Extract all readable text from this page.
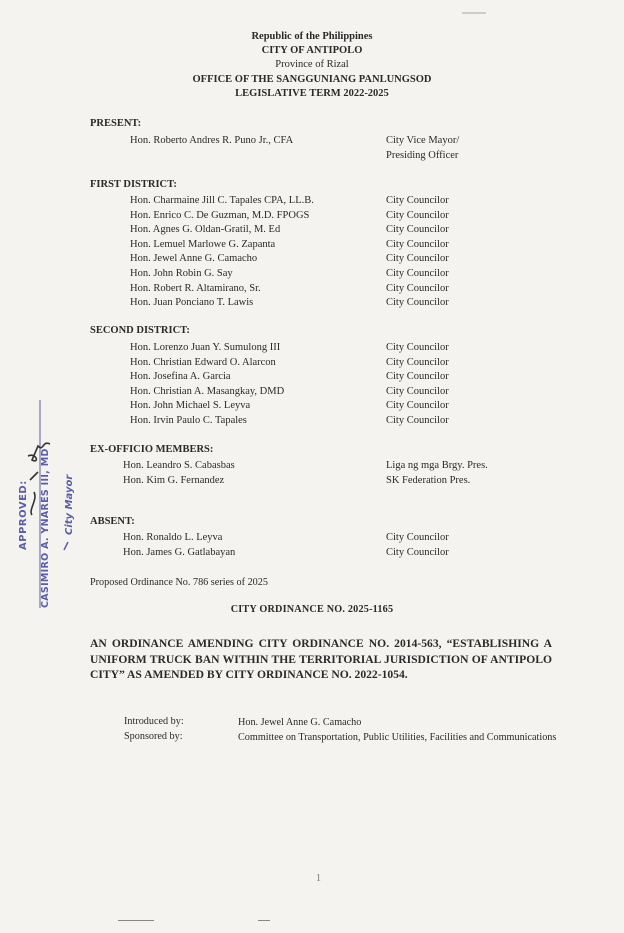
Republic of the Philippines
CITY OF ANTIPOLO
Province of Rizal
OFFICE OF THE SANGGUNIANG PANLUNGSOD
LEGISLATIVE TERM 2022-2025
PRESENT:
Hon. Roberto Andres R. Puno Jr., CFA	City Vice Mayor/
Presiding Officer
FIRST DISTRICT:
Hon. Charmaine Jill C. Tapales CPA, LL.B.	City Councilor
Hon. Enrico C. De Guzman, M.D. FPOGS	City Councilor
Hon. Agnes G. Oldan-Gratil, M. Ed	City Councilor
Hon. Lemuel Marlowe G. Zapanta	City Councilor
Hon. Jewel Anne G. Camacho	City Councilor
Hon. John Robin G. Say	City Councilor
Hon. Robert R. Altamirano, Sr.	City Councilor
Hon. Juan Ponciano T. Lawis	City Councilor
SECOND DISTRICT:
Hon. Lorenzo Juan Y. Sumulong III	City Councilor
Hon. Christian Edward O. Alarcon	City Councilor
Hon. Josefina A. Garcia	City Councilor
Hon. Christian A. Masangkay, DMD	City Councilor
Hon. John Michael S. Leyva	City Councilor
Hon. Irvin Paulo C. Tapales	City Councilor
EX-OFFICIO MEMBERS:
Hon. Leandro S. Cabasbas	Liga ng mga Brgy. Pres.
Hon. Kim G. Fernandez	SK Federation Pres.
ABSENT:
Hon. Ronaldo L. Leyva	City Councilor
Hon. James G. Gatlabayan	City Councilor
Proposed Ordinance No. 786 series of 2025
CITY ORDINANCE NO. 2025-1165
AN ORDINANCE AMENDING CITY ORDINANCE NO. 2014-563, “ESTABLISHING A UNIFORM TRUCK BAN WITHIN THE TERRITORIAL JURISDICTION OF ANTIPOLO CITY” AS AMENDED BY CITY ORDINANCE NO. 2022-1054.
Introduced by:	Hon. Jewel Anne G. Camacho
Sponsored by:	Committee on Transportation, Public Utilities, Facilities and Communications
1
APPROVED: CASIMIRO A. YNARES III, MD City Mayor
